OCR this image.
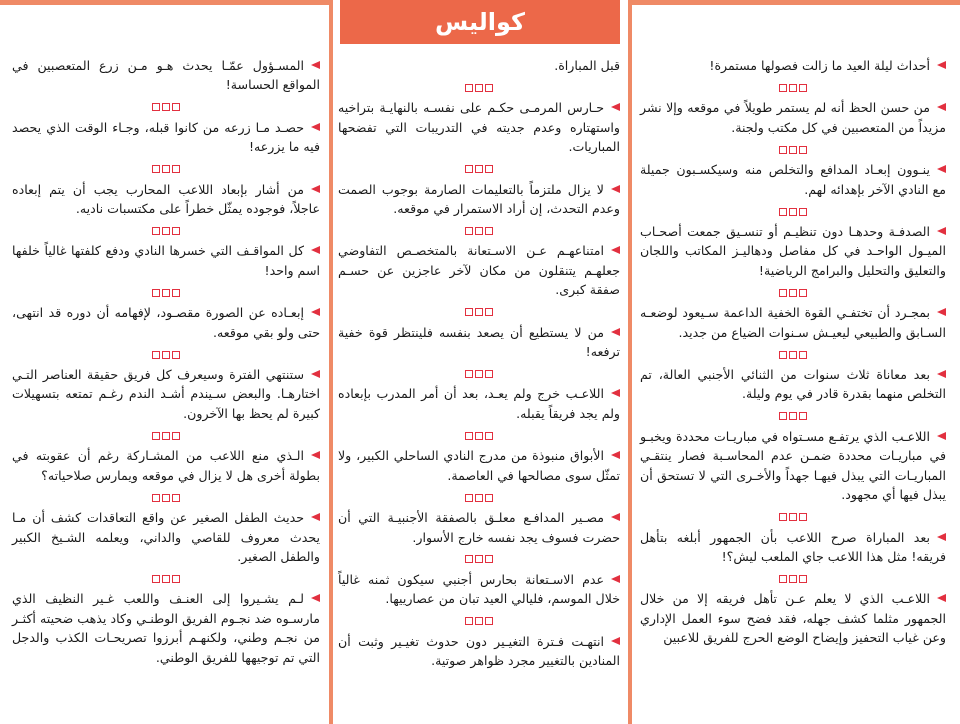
كواليس

أحداث ليلة العيد ما زالت فصولها مستمرة!

من حسن الحظ أنه لم يستمر طويلاً في موقعه وإلا نشر مزيداً من المتعصبين في كل مكتب ولجنة.

ينـوون إبعـاد المدافع والتخلص منه وسيكسـبون جميلة مع النادي الآخر بإهدائه لهم.

الصدفـة وحدهـا دون تنظيـم أو تنسـيق جمعت أصحـاب الميـول الواحـد في كل مفاصل ودهاليـز المكاتب واللجان والتعليق والتحليل والبرامج الرياضية!

بمجـرد أن تختفـي القوة الخفية الداعمة سـيعود لوضعـه السـابق والطبيعي ليعيـش سـنوات الضياع من جديد.

بعد معاناة ثلاث سنوات من الثنائي الأجنبي العالة، تم التخلص منهما بقدرة قادر في يوم وليلة.

اللاعـب الذي يرتفـع مسـتواه في مباريـات محددة ويخبـو في مباريـات محددة ضمـن عدم المحاسـبة فصار ينتقـي المباريـات التي يبذل فيهـا جهداً والأخـرى التي لا تستحق أن يبذل فيها أي مجهود.

بعد المباراة صرح اللاعب بأن الجمهور أبلغه بتأهل فريقه! مثل هذا اللاعب جاي الملعب ليش؟!

اللاعـب الذي لا يعلم عـن تأهل فريقه إلا من خلال الجمهور مثلما كشف جهله، فقد فضح سوء العمل الإداري وعن غياب التحفيز وإيضاح الوضع الحرج للفريق للاعبين

قبل المباراة.

حـارس المرمـى حكـم على نفسـه بالنهايـة بتراخيه واستهتاره وعدم جديته في التدريبات التي تفضحها المباريات.

لا يزال ملتزماً بالتعليمات الصارمة بوجوب الصمت وعدم التحدث، إن أراد الاستمرار في موقعه.

امتناعهـم عـن الاسـتعانة بالمتخصـص التفاوضي جعلهـم يتنقلون من مكان لآخر عاجزين عن حسـم صفقة كبرى.

من لا يستطيع أن يصعد بنفسه فلينتظر قوة خفية ترفعه!

اللاعـب خرج ولم يعـد، بعد أن أمر المدرب بإبعاده ولم يجد فريقاً يقبله.

الأبواق منبوذة من مدرج النادي الساحلي الكبير، ولا تمثّل سوى مصالحها في العاصمة.

مصـير المدافـع معلـق بالصفقة الأجنبيـة التي أن حضرت فسوف يجد نفسه خارج الأسوار.

عدم الاسـتعانة بحارس أجنبي سيكون ثمنه غالياً خلال الموسم، فليالي العيد تبان من عصارييها.

انتهـت فـترة التغيـير دون حدوث تغيـير وثبت أن المنادين بالتغيير مجرد ظواهر صوتية.

المسـؤول عمّـا يحدث هـو مـن زرع المتعصبين في المواقع الحساسة!

حصـد مـا زرعه من كانوا قبله، وجـاء الوقت الذي يحصد فيه ما يزرعه!

من أشار بإبعاد اللاعب المحارب يجب أن يتم إبعاده عاجلاً، فوجوده يمثّل خطراً على مكتسبات ناديه.

كل المواقـف التي خسرها النادي ودفع كلفتها غالياً خلفها اسم واحد!

إبعـاده عن الصورة مقصـود، لإفهامه أن دوره قد انتهى، حتى ولو بقي موقعه.

ستنتهي الفترة وسيعرف كل فريق حقيقة العناصر التـي اختارهـا. والبعض سـيندم أشـد الندم رغـم تمتعه بتسهيلات كبيرة لم يحظ بها الآخرون.

الـذي منع اللاعب من المشـاركة رغم أن عقوبته في بطولة أخرى هل لا يزال في موقعه ويمارس صلاحياته؟

حديث الطفل الصغير عن واقع التعاقدات كشف أن مـا يحدث معروف للقاصي والداني، ويعلمه الشـيخ الكبير والطفل الصغير.

لـم يشـيروا إلى العنـف واللعب غـير النظيف الذي مارسـوه ضد نجـوم الفريق الوطنـي وكاد يذهب ضحيته أكثـر من نجـم وطني، ولكنهـم أبرزوا تصريحـات الكذب والدجل التي تم توجيهها للفريق الوطني.
